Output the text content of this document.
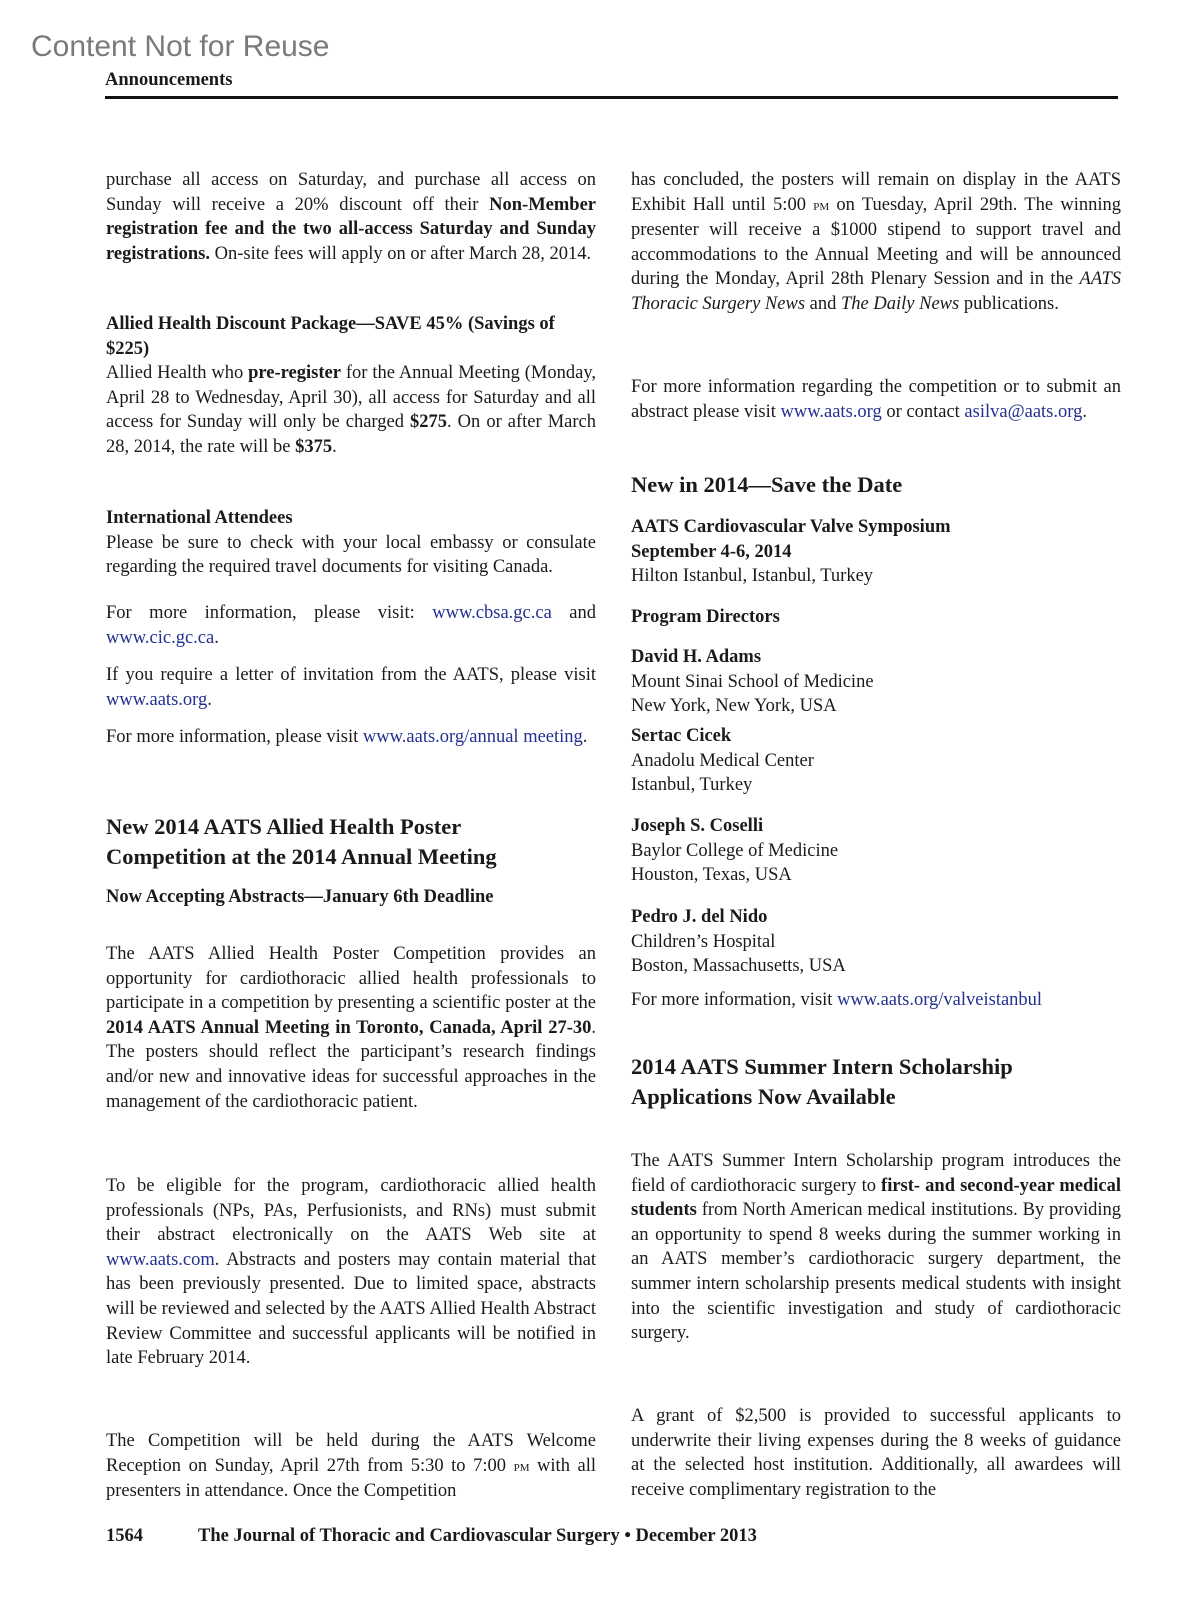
Content Not for Reuse
Announcements
purchase all access on Saturday, and purchase all access on Sunday will receive a 20% discount off their Non-Member registration fee and the two all-access Saturday and Sunday registrations. On-site fees will apply on or after March 28, 2014.

Allied Health Discount Package—SAVE 45% (Savings of $225)

Allied Health who pre-register for the Annual Meeting (Monday, April 28 to Wednesday, April 30), all access for Saturday and all access for Sunday will only be charged $275. On or after March 28, 2014, the rate will be $375.

International Attendees

Please be sure to check with your local embassy or consulate regarding the required travel documents for visiting Canada.

For more information, please visit: www.cbsa.gc.ca and www.cic.gc.ca.
If you require a letter of invitation from the AATS, please visit www.aats.org.
For more information, please visit www.aats.org/annual meeting.
New 2014 AATS Allied Health Poster Competition at the 2014 Annual Meeting
Now Accepting Abstracts—January 6th Deadline
The AATS Allied Health Poster Competition provides an opportunity for cardiothoracic allied health professionals to participate in a competition by presenting a scientific poster at the 2014 AATS Annual Meeting in Toronto, Canada, April 27-30. The posters should reflect the participant’s research findings and/or new and innovative ideas for successful approaches in the management of the cardiothoracic patient.
To be eligible for the program, cardiothoracic allied health professionals (NPs, PAs, Perfusionists, and RNs) must submit their abstract electronically on the AATS Web site at www.aats.com. Abstracts and posters may contain material that has been previously presented. Due to limited space, abstracts will be reviewed and selected by the AATS Allied Health Abstract Review Committee and successful applicants will be notified in late February 2014.
The Competition will be held during the AATS Welcome Reception on Sunday, April 27th from 5:30 to 7:00 pm with all presenters in attendance. Once the Competition
has concluded, the posters will remain on display in the AATS Exhibit Hall until 5:00 pm on Tuesday, April 29th. The winning presenter will receive a $1000 stipend to support travel and accommodations to the Annual Meeting and will be announced during the Monday, April 28th Plenary Session and in the AATS Thoracic Surgery News and The Daily News publications.
For more information regarding the competition or to submit an abstract please visit www.aats.org or contact asilva@aats.org.
New in 2014—Save the Date

AATS Cardiovascular Valve Symposium

September 4-6, 2014

Hilton Istanbul, Istanbul, Turkey

Program Directors

David H. Adams

Mount Sinai School of Medicine

New York, New York, USA

Sertac Cicek

Anadolu Medical Center

Istanbul, Turkey

Joseph S. Coselli

Baylor College of Medicine

Houston, Texas, USA

Pedro J. del Nido

Children’s Hospital

Boston, Massachusetts, USA

For more information, visit www.aats.org/valveistanbul
2014 AATS Summer Intern Scholarship Applications Now Available
The AATS Summer Intern Scholarship program introduces the field of cardiothoracic surgery to first- and second-year medical students from North American medical institutions. By providing an opportunity to spend 8 weeks during the summer working in an AATS member’s cardiothoracic surgery department, the summer intern scholarship presents medical students with insight into the scientific investigation and study of cardiothoracic surgery.
A grant of $2,500 is provided to successful applicants to underwrite their living expenses during the 8 weeks of guidance at the selected host institution. Additionally, all awardees will receive complimentary registration to the
1564	The Journal of Thoracic and Cardiovascular Surgery • December 2013
